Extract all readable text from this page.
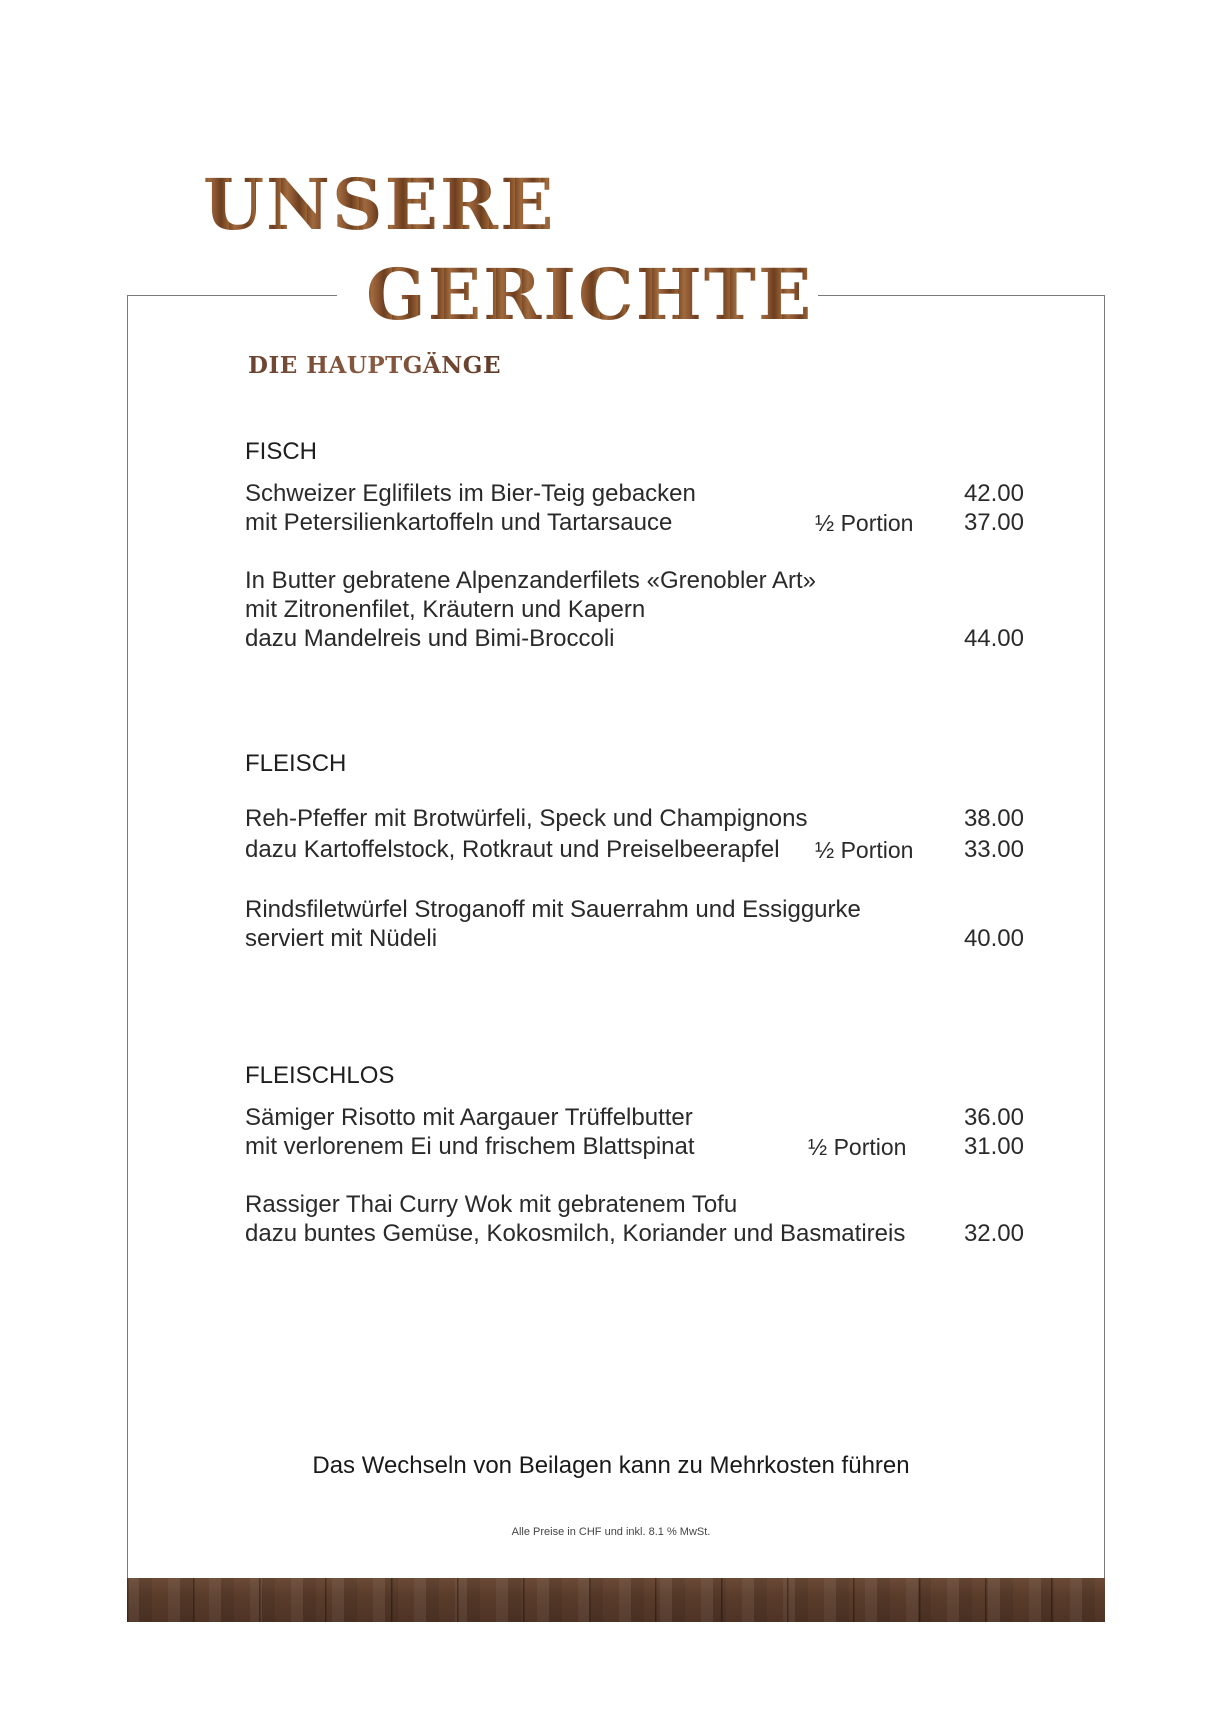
UNSERE
GERICHTE
DIE HAUPTGÄNGE
FISCH
Schweizer Eglifilets im Bier-Teig gebacken	42.00
mit Petersilienkartoffeln und Tartarsauce	½ Portion 37.00
In Butter gebratene Alpenzanderfilets «Grenobler Art»
mit Zitronenfilet, Kräutern und Kapern
dazu Mandelreis und Bimi-Broccoli	44.00
FLEISCH
Reh-Pfeffer mit Brotwürfeli, Speck und Champignons	38.00
dazu Kartoffelstock, Rotkraut und Preiselbeerapfel ½ Portion 33.00
Rindsfiletwürfel Stroganoff mit Sauerrahm und Essiggurke
serviert mit Nüdeli	40.00
FLEISCHLOS
Sämiger Risotto mit Aargauer Trüffelbutter	36.00
mit verlorenem Ei und frischem Blattspinat	½ Portion 31.00
Rassiger Thai Curry Wok mit gebratenem Tofu
dazu buntes Gemüse, Kokosmilch, Koriander und Basmatireis 32.00
Das Wechseln von Beilagen kann zu Mehrkosten führen
Alle Preise in CHF und inkl. 8.1 % MwSt.
